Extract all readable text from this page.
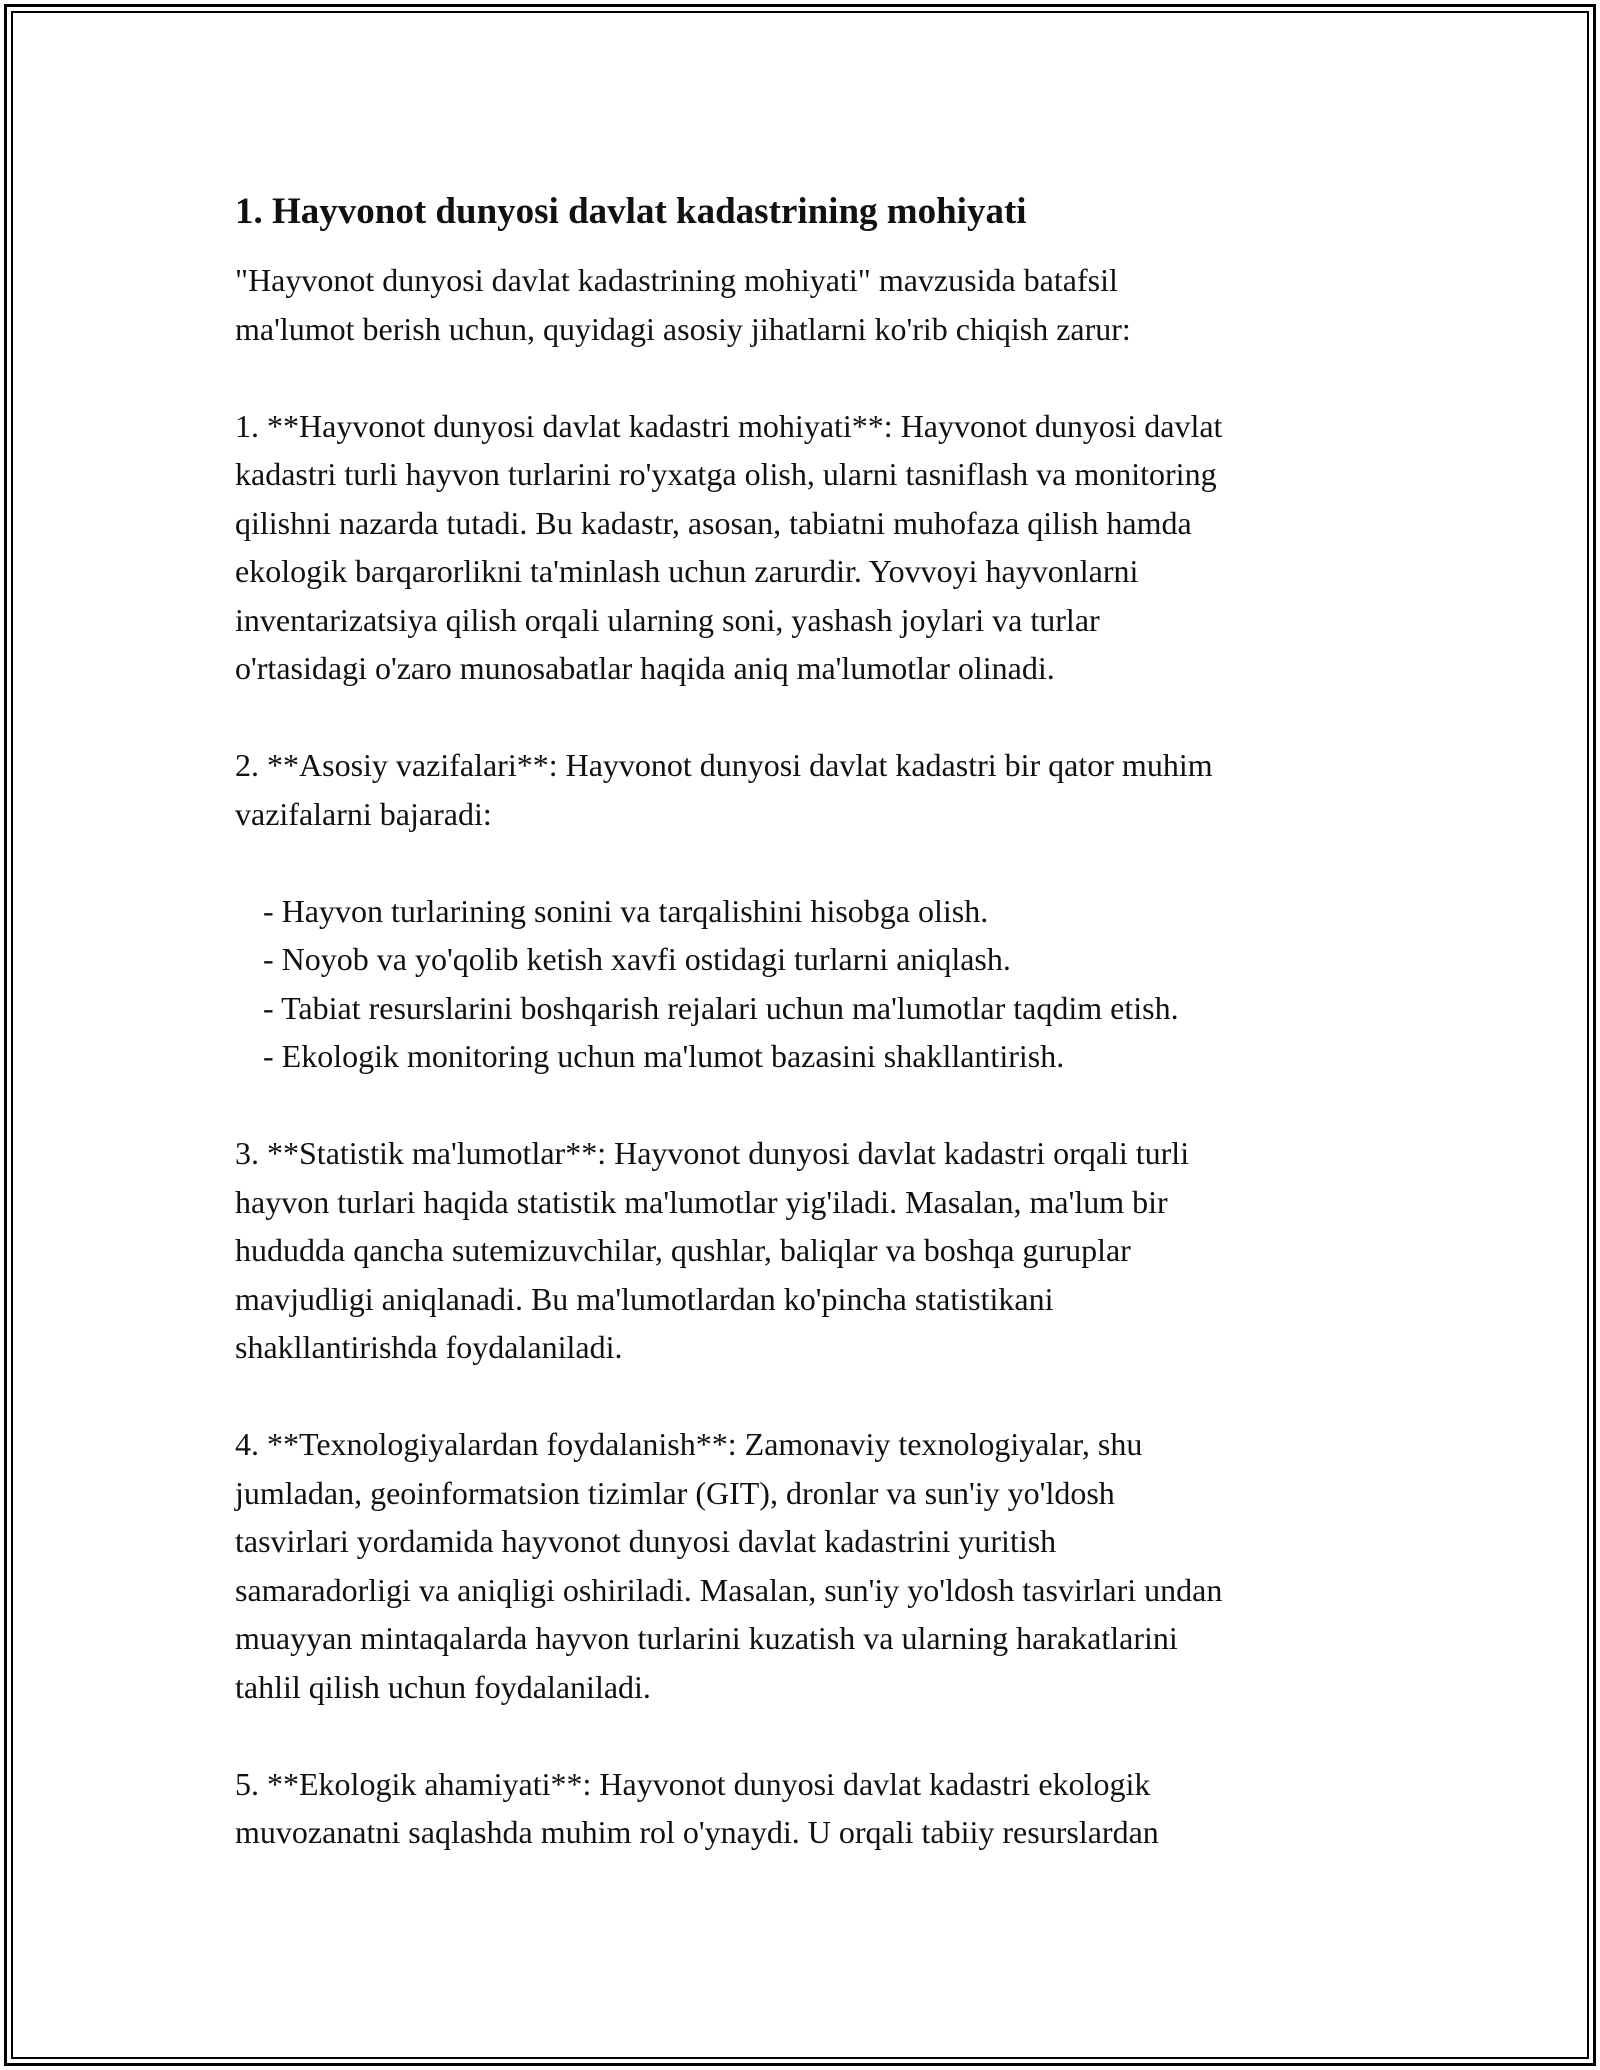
1. Hayvonot dunyosi davlat kadastrining mohiyati

"Hayvonot dunyosi davlat kadastrining mohiyati" mavzusida batafsil
ma'lumot berish uchun, quyidagi asosiy jihatlarni ko'rib chiqish zarur:

1. **Hayvonot dunyosi davlat kadastri mohiyati**: Hayvonot dunyosi davlat
kadastri turli hayvon turlarini ro'yxatga olish, ularni tasniflash va monitoring
qilishni nazarda tutadi. Bu kadastr, asosan, tabiatni muhofaza qilish hamda
ekologik barqarorlikni ta'minlash uchun zarurdir. Yovvoyi hayvonlarni
inventarizatsiya qilish orqali ularning soni, yashash joylari va turlar
o'rtasidagi o'zaro munosabatlar haqida aniq ma'lumotlar olinadi.

2. **Asosiy vazifalari**: Hayvonot dunyosi davlat kadastri bir qator muhim
vazifalarni bajaradi:

- Hayvon turlarining sonini va tarqalishini hisobga olish.
- Noyob va yo'qolib ketish xavfi ostidagi turlarni aniqlash.
- Tabiat resurslarini boshqarish rejalari uchun ma'lumotlar taqdim etish.
- Ekologik monitoring uchun ma'lumot bazasini shakllantirish.

3. **Statistik ma'lumotlar**: Hayvonot dunyosi davlat kadastri orqali turli
hayvon turlari haqida statistik ma'lumotlar yig'iladi. Masalan, ma'lum bir
hududda qancha sutemizuvchilar, qushlar, baliqlar va boshqa guruplar
mavjudligi aniqlanadi. Bu ma'lumotlardan ko'pincha statistikani
shakllantirishda foydalaniladi.

4. **Texnologiyalardan foydalanish**: Zamonaviy texnologiyalar, shu
jumladan, geoinformatsion tizimlar (GIT), dronlar va sun'iy yo'ldosh
tasvirlari yordamida hayvonot dunyosi davlat kadastrini yuritish
samaradorligi va aniqligi oshiriladi. Masalan, sun'iy yo'ldosh tasvirlari undan
muayyan mintaqalarda hayvon turlarini kuzatish va ularning harakatlarini
tahlil qilish uchun foydalaniladi.

5. **Ekologik ahamiyati**: Hayvonot dunyosi davlat kadastri ekologik
muvozanatni saqlashda muhim rol o'ynaydi. U orqali tabiiy resurslardan
